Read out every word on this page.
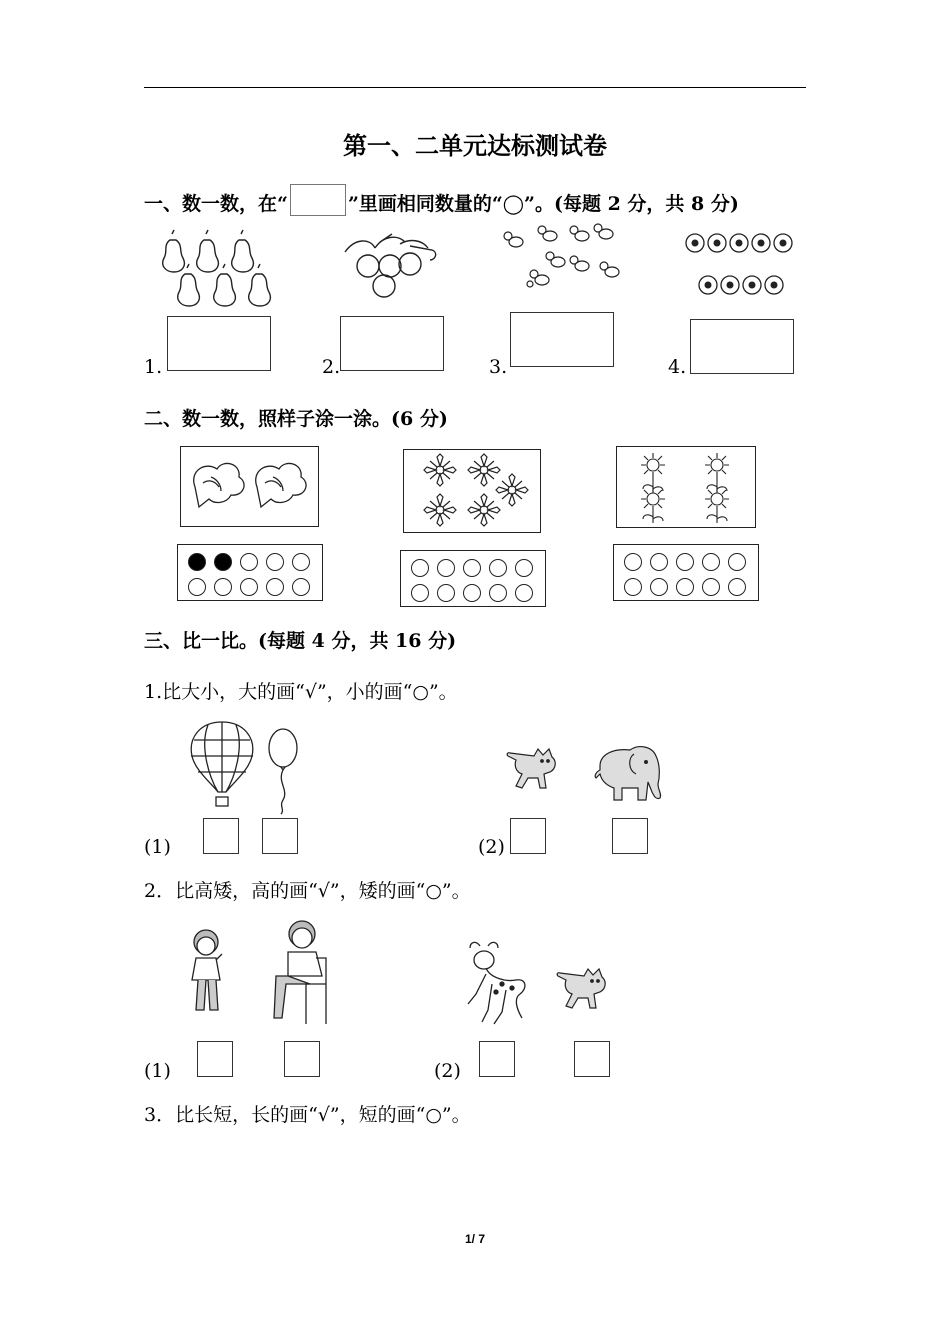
第一、二单元达标测试卷
一、数一数，在“	”里画相同数量的“◯”。(每题 2 分，共 8 分)
1.	2.	3.	4.
二、数一数，照样子涂一涂。(6 分)
三、比一比。(每题 4 分，共 16 分)
1.比大小，大的画“√”，小的画“○”。
(1)	(2)
2．比高矮，高的画“√”，矮的画“○”。
(1)	(2)
3．比长短，长的画“√”，短的画“○”。
1/ 7
